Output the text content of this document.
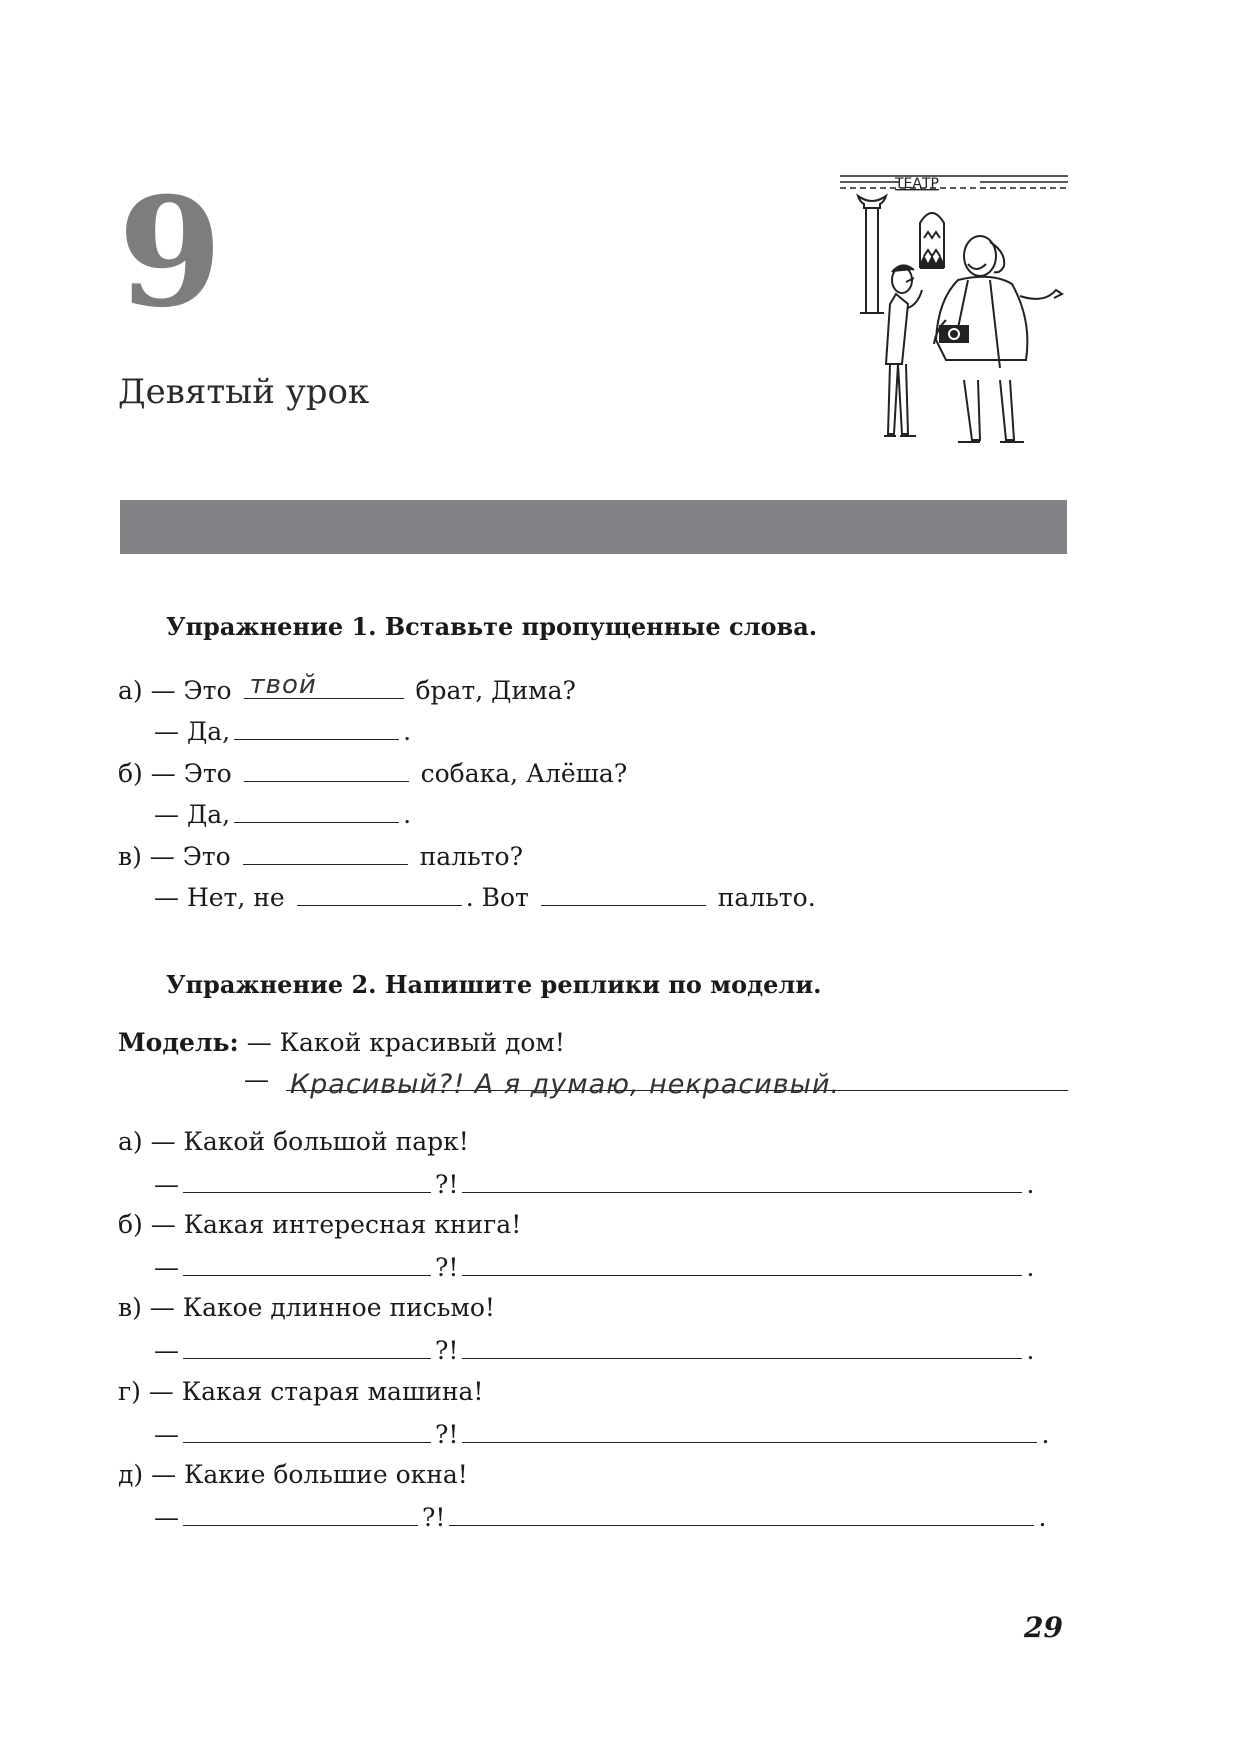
9
Девятый урок
ТЕАТР
Упражнение 1. Вставьте пропущенные слова.
а) — Это твой	брат, Дима?
— Да,	.
б) — Это	собака, Алёша?
— Да,	.
в) — Это	пальто?
— Нет, не	. Вот	пальто.
Упражнение 2. Напишите реплики по модели.
Модель: — Какой красивый дом!
— Красивый?! А я думаю, некрасивый.
а) — Какой большой парк!
—	?!	.
б) — Какая интересная книга!
—	?!	.
в) — Какое длинное письмо!
—	?!	.
г) — Какая старая машина!
—	?!	.
д) — Какие большие окна!
—	?!	.
29
